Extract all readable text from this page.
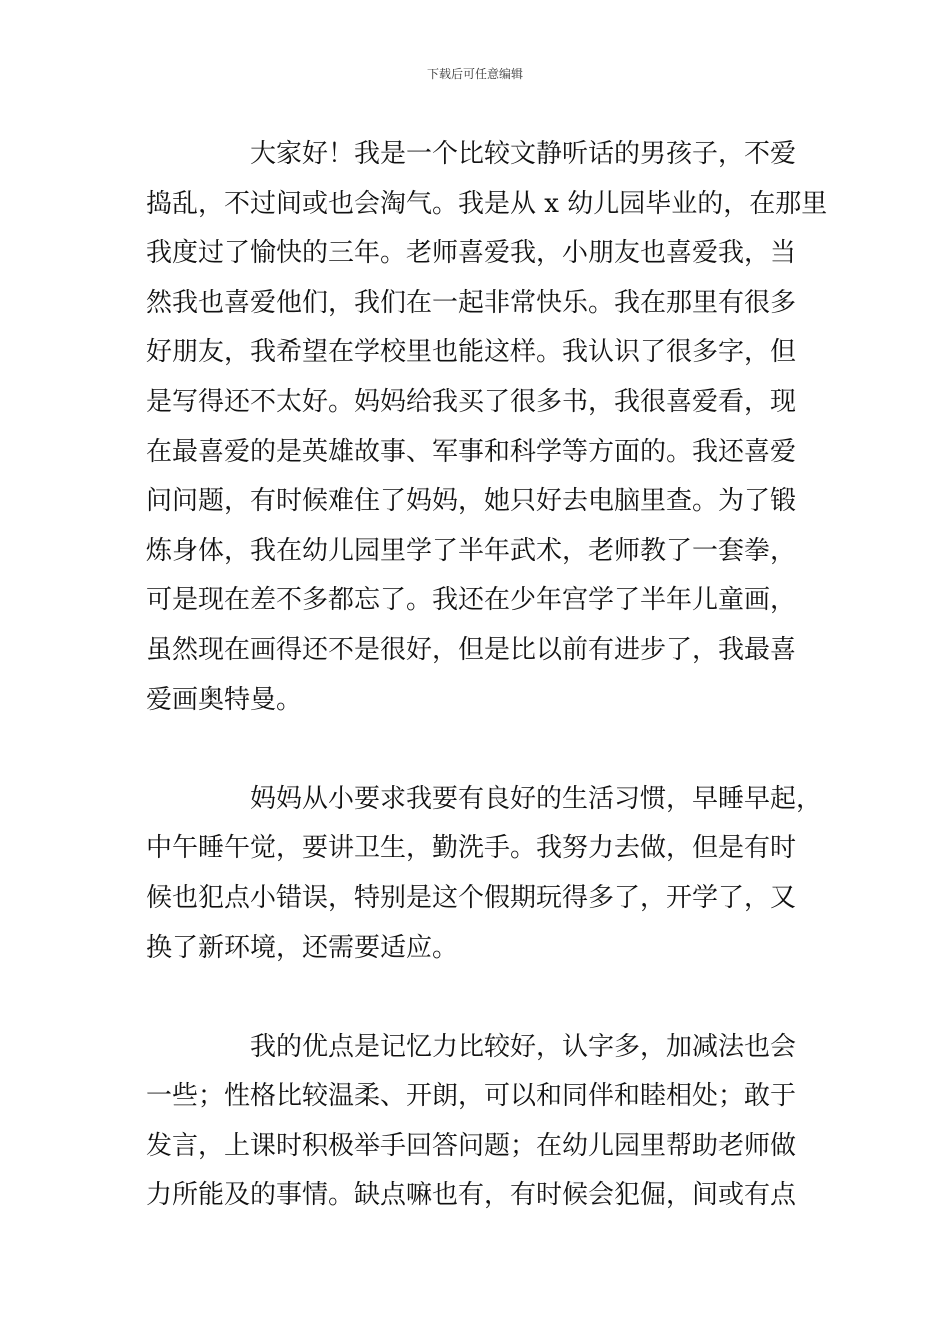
下载后可任意编辑
　　　　大家好！我是一个比较文静听话的男孩子，不爱
捣乱，不过间或也会淘气。我是从 x 幼儿园毕业的，在那里
我度过了愉快的三年。老师喜爱我，小朋友也喜爱我，当
然我也喜爱他们，我们在一起非常快乐。我在那里有很多
好朋友，我希望在学校里也能这样。我认识了很多字，但
是写得还不太好。妈妈给我买了很多书，我很喜爱看，现
在最喜爱的是英雄故事、军事和科学等方面的。我还喜爱
问问题，有时候难住了妈妈，她只好去电脑里查。为了锻
炼身体，我在幼儿园里学了半年武术，老师教了一套拳，
可是现在差不多都忘了。我还在少年宫学了半年儿童画，
虽然现在画得还不是很好，但是比以前有进步了，我最喜
爱画奥特曼。
　　　　妈妈从小要求我要有良好的生活习惯，早睡早起，
中午睡午觉，要讲卫生，勤洗手。我努力去做，但是有时
候也犯点小错误，特别是这个假期玩得多了，开学了，又
换了新环境，还需要适应。
　　　　我的优点是记忆力比较好，认字多，加减法也会
一些；性格比较温柔、开朗，可以和同伴和睦相处；敢于
发言，上课时积极举手回答问题；在幼儿园里帮助老师做
力所能及的事情。缺点嘛也有，有时候会犯倔，间或有点
